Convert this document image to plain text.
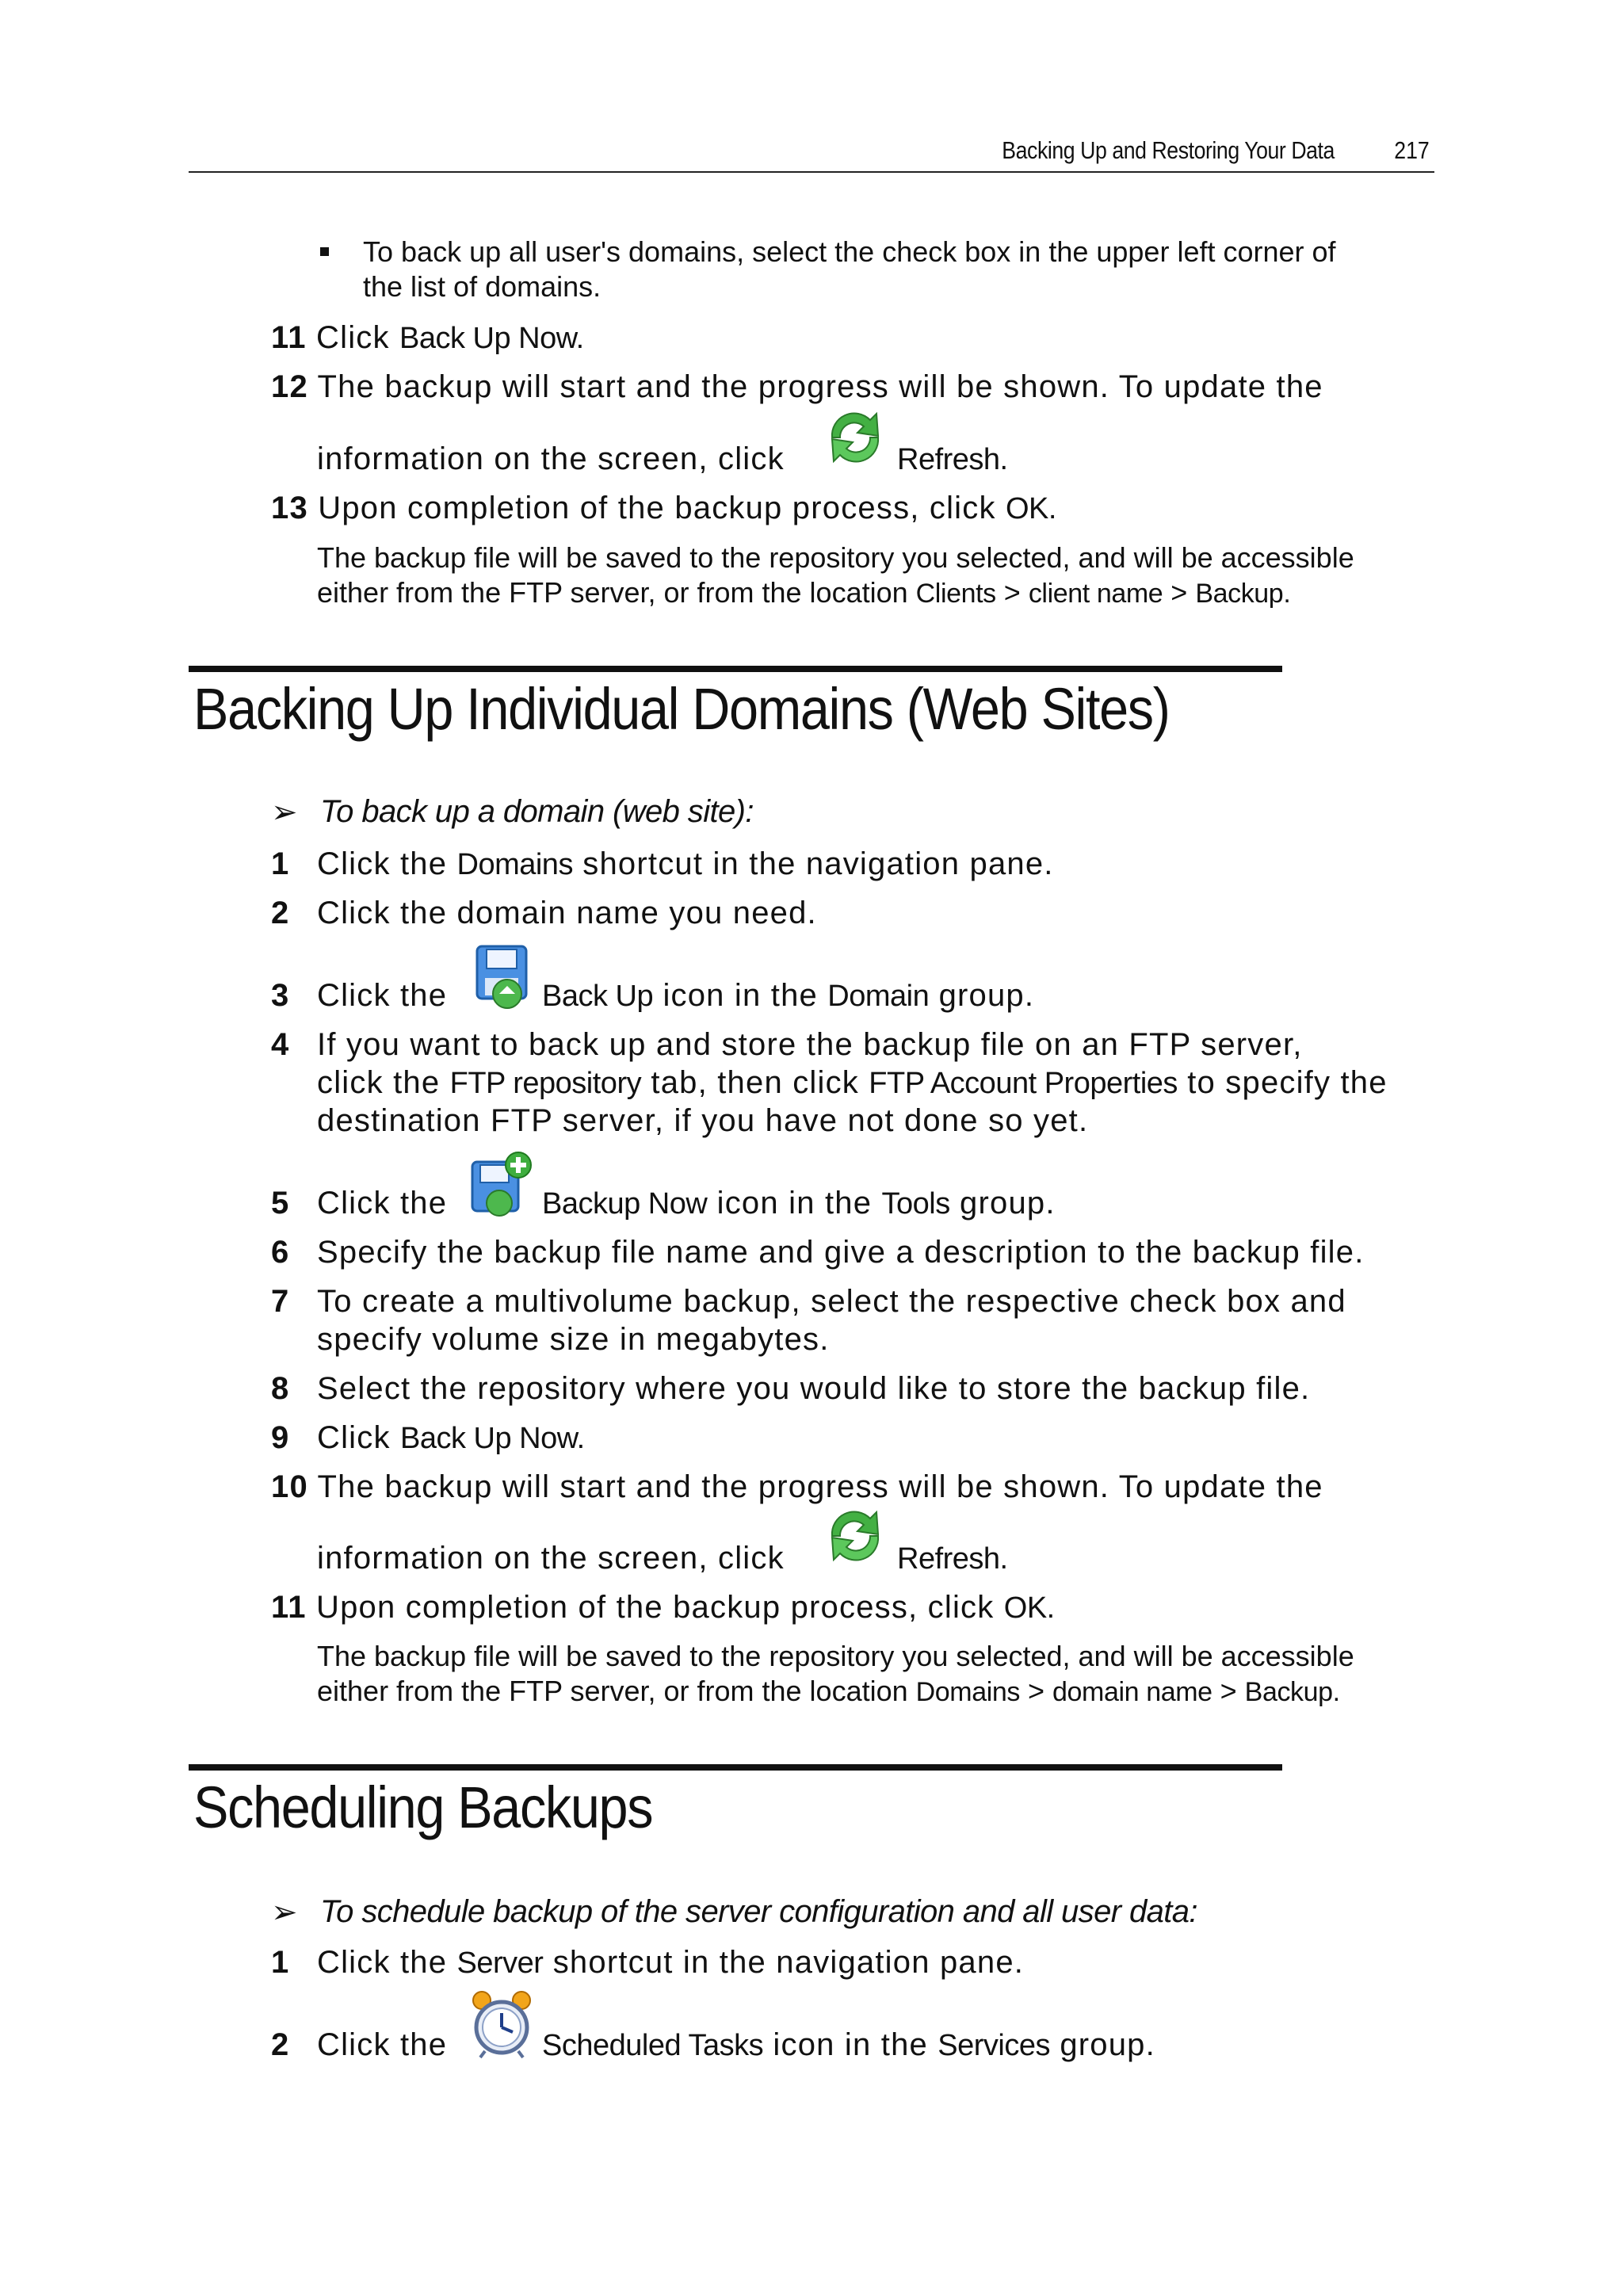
Backing Up and Restoring Your Data 217
To back up all user's domains, select the check box in the upper left corner of
the list of domains.
11 Click Back Up Now.
12 The backup will start and the progress will be shown. To update the
information on the screen, click	Refresh.
13 Upon completion of the backup process, click OK.
The backup file will be saved to the repository you selected, and will be accessible
either from the FTP server, or from the location Clients > client name > Backup.
Backing Up Individual Domains (Web Sites)
➢ To back up a domain (web site):
1 Click the Domains shortcut in the navigation pane.
2 Click the domain name you need.
3 Click the	Back Up icon in the Domain group.
4 If you want to back up and store the backup file on an FTP server,
click the FTP repository tab, then click FTP Account Properties to specify the
destination FTP server, if you have not done so yet.
5 Click the	Backup Now icon in the Tools group.
6 Specify the backup file name and give a description to the backup file.
7 To create a multivolume backup, select the respective check box and
specify volume size in megabytes.
8 Select the repository where you would like to store the backup file.
9 Click Back Up Now.
10 The backup will start and the progress will be shown. To update the
information on the screen, click	Refresh.
11 Upon completion of the backup process, click OK.
The backup file will be saved to the repository you selected, and will be accessible
either from the FTP server, or from the location Domains > domain name > Backup.
Scheduling Backups
➢ To schedule backup of the server configuration and all user data:
1 Click the Server shortcut in the navigation pane.
2 Click the	Scheduled Tasks icon in the Services group.
